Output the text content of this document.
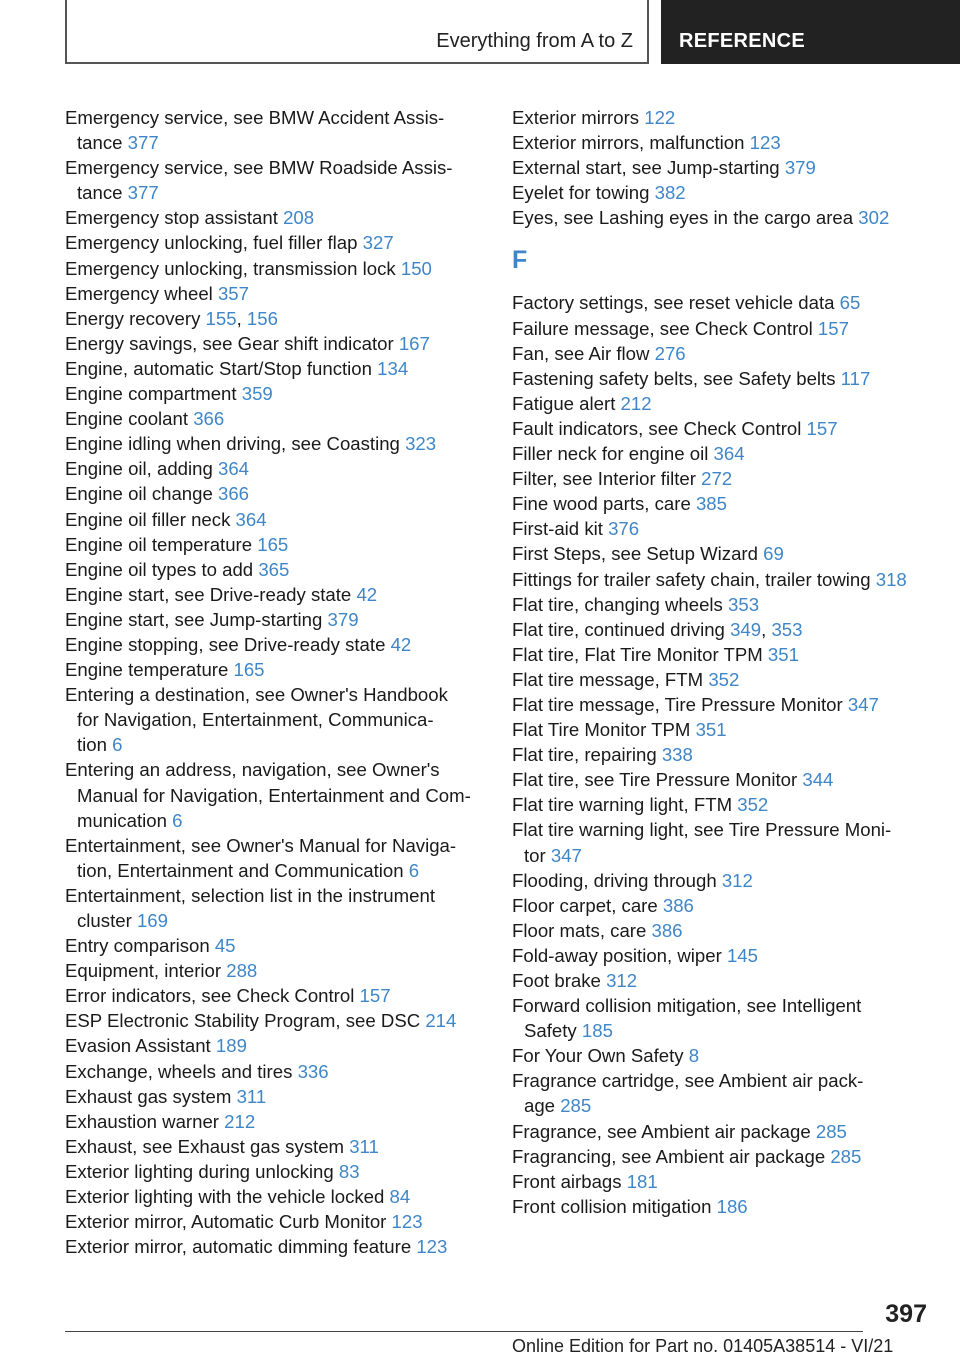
Everything from A to Z REFERENCE
Emergency service, see BMW Accident Assis-
tance 377
Emergency service, see BMW Roadside Assis-
tance 377
Emergency stop assistant 208
Emergency unlocking, fuel filler flap 327
Emergency unlocking, transmission lock 150
Emergency wheel 357
Energy recovery 155, 156
Energy savings, see Gear shift indicator 167
Engine, automatic Start/Stop function 134
Engine compartment 359
Engine coolant 366
Engine idling when driving, see Coasting 323
Engine oil, adding 364
Engine oil change 366
Engine oil filler neck 364
Engine oil temperature 165
Engine oil types to add 365
Engine start, see Drive-ready state 42
Engine start, see Jump-starting 379
Engine stopping, see Drive-ready state 42
Engine temperature 165
Entering a destination, see Owner's Handbook
for Navigation, Entertainment, Communica-
tion 6
Entering an address, navigation, see Owner's
Manual for Navigation, Entertainment and Com-
munication 6
Entertainment, see Owner's Manual for Naviga-
tion, Entertainment and Communication 6
Entertainment, selection list in the instrument
cluster 169
Entry comparison 45
Equipment, interior 288
Error indicators, see Check Control 157
ESP Electronic Stability Program, see DSC 214
Evasion Assistant 189
Exchange, wheels and tires 336
Exhaust gas system 311
Exhaustion warner 212
Exhaust, see Exhaust gas system 311
Exterior lighting during unlocking 83
Exterior lighting with the vehicle locked 84
Exterior mirror, Automatic Curb Monitor 123
Exterior mirror, automatic dimming feature 123
Exterior mirrors 122
Exterior mirrors, malfunction 123
External start, see Jump-starting 379
Eyelet for towing 382
Eyes, see Lashing eyes in the cargo area 302
F
Factory settings, see reset vehicle data 65
Failure message, see Check Control 157
Fan, see Air flow 276
Fastening safety belts, see Safety belts 117
Fatigue alert 212
Fault indicators, see Check Control 157
Filler neck for engine oil 364
Filter, see Interior filter 272
Fine wood parts, care 385
First-aid kit 376
First Steps, see Setup Wizard 69
Fittings for trailer safety chain, trailer towing 318
Flat tire, changing wheels 353
Flat tire, continued driving 349, 353
Flat tire, Flat Tire Monitor TPM 351
Flat tire message, FTM 352
Flat tire message, Tire Pressure Monitor 347
Flat Tire Monitor TPM 351
Flat tire, repairing 338
Flat tire, see Tire Pressure Monitor 344
Flat tire warning light, FTM 352
Flat tire warning light, see Tire Pressure Moni-
tor 347
Flooding, driving through 312
Floor carpet, care 386
Floor mats, care 386
Fold-away position, wiper 145
Foot brake 312
Forward collision mitigation, see Intelligent
Safety 185
For Your Own Safety 8
Fragrance cartridge, see Ambient air pack-
age 285
Fragrance, see Ambient air package 285
Fragrancing, see Ambient air package 285
Front airbags 181
Front collision mitigation 186
397
Online Edition for Part no. 01405A38514 - VI/21
